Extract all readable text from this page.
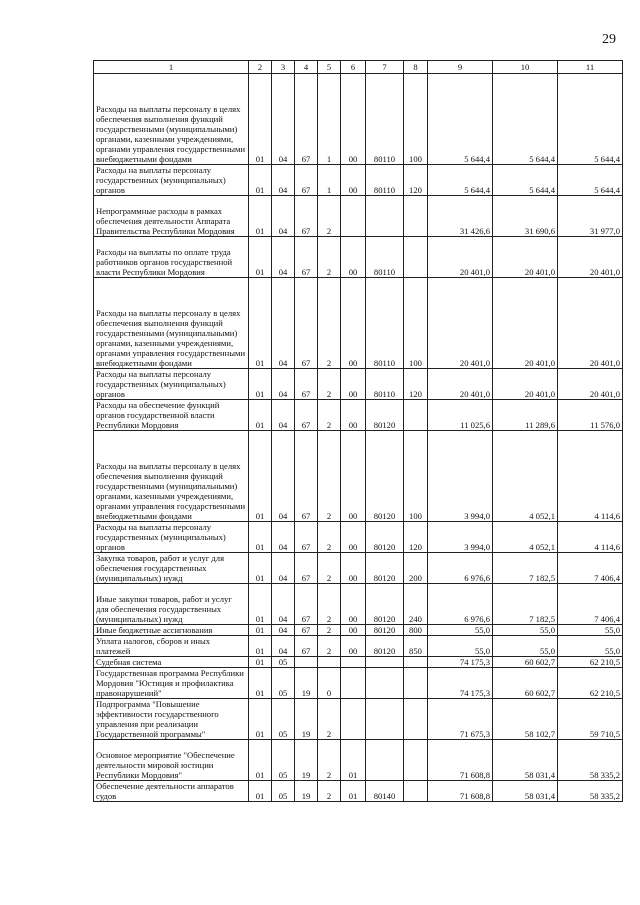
29
1	2	3	4	5	6	7	8	9	10	11
Расходы на выплаты персоналу в целях обеспечения выполнения функций государственными (муниципальными) органами, казенными учреждениями, органами управления государственными внебюджетными фондами	01	04	67	1	00	80110	100	5 644,4	5 644,4	5 644,4
Расходы на выплаты персоналу государственных (муниципальных) органов	01	04	67	1	00	80110	120	5 644,4	5 644,4	5 644,4
Непрограммные расходы в рамках обеспечения деятельности Аппарата Правительства Республики Мордовия	01	04	67	2				31 426,6	31 690,6	31 977,0
Расходы на выплаты по оплате труда работников органов государственной власти Республики Мордовия	01	04	67	2	00	80110		20 401,0	20 401,0	20 401,0
Расходы на выплаты персоналу в целях обеспечения выполнения функций государственными (муниципальными) органами, казенными учреждениями, органами управления государственными внебюджетными фондами	01	04	67	2	00	80110	100	20 401,0	20 401,0	20 401,0
Расходы на выплаты персоналу государственных (муниципальных) органов	01	04	67	2	00	80110	120	20 401,0	20 401,0	20 401,0
Расходы на обеспечение функций органов государственной власти Республики Мордовия	01	04	67	2	00	80120		11 025,6	11 289,6	11 576,0
Расходы на выплаты персоналу в целях обеспечения выполнения функций государственными (муниципальными) органами, казенными учреждениями, органами управления государственными внебюджетными фондами	01	04	67	2	00	80120	100	3 994,0	4 052,1	4 114,6
Расходы на выплаты персоналу государственных (муниципальных) органов	01	04	67	2	00	80120	120	3 994,0	4 052,1	4 114,6
Закупка товаров, работ и услуг для обеспечения государственных (муниципальных) нужд	01	04	67	2	00	80120	200	6 976,6	7 182,5	7 406,4
Иные закупки товаров, работ и услуг для обеспечения государственных (муниципальных) нужд	01	04	67	2	00	80120	240	6 976,6	7 182,5	7 406,4
Иные бюджетные ассигнования	01	04	67	2	00	80120	800	55,0	55,0	55,0
Уплата налогов, сборов и иных платежей	01	04	67	2	00	80120	850	55,0	55,0	55,0
Судебная система	01	05						74 175,3	60 602,7	62 210,5
Государственная программа Республики Мордовия "Юстиция и профилактика правонарушений"	01	05	19	0				74 175,3	60 602,7	62 210,5
Подпрограмма "Повышение эффективности государственного управления при реализации Государственной программы"	01	05	19	2				71 675,3	58 102,7	59 710,5
Основное мероприятие "Обеспечение деятельности мировой юстиции Республики Мордовия"	01	05	19	2	01			71 608,8	58 031,4	58 335,2
Обеспечение деятельности аппаратов судов	01	05	19	2	01	80140		71 608,8	58 031,4	58 335,2
